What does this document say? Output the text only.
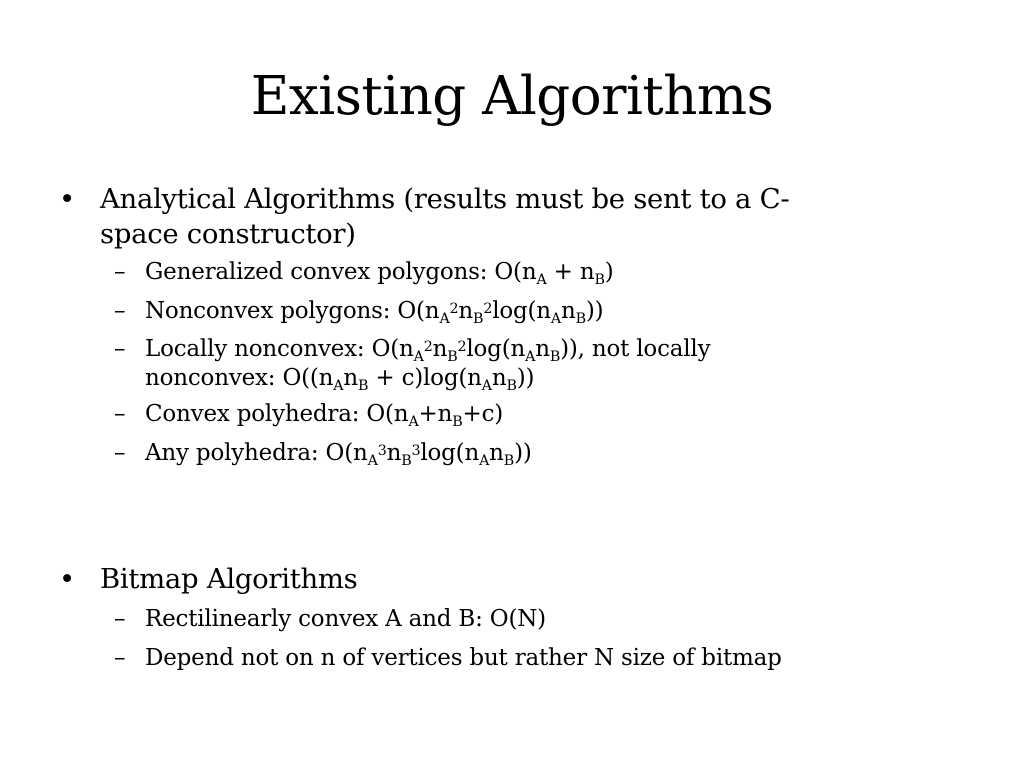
Existing Algorithms
• Analytical Algorithms (results must be sent to a C-
space constructor)
– Generalized convex polygons: $O(n_A + n_B)$
– Nonconvex polygons: $O(n_A^2n_B^2\log(n_An_B))$
– Locally nonconvex: $O(n_A^2n_B^2\log(n_An_B))$, not locally
nonconvex: $O((n_An_B + c)\log(n_An_B))$
– Convex polyhedra: $O(n_A+n_B+c)$
– Any polyhedra: $O(n_A^3n_B^3\log(n_An_B))$
• Bitmap Algorithms
– Rectilinearly convex A and B: O(N)
– Depend not on n of vertices but rather N size of bitmap
